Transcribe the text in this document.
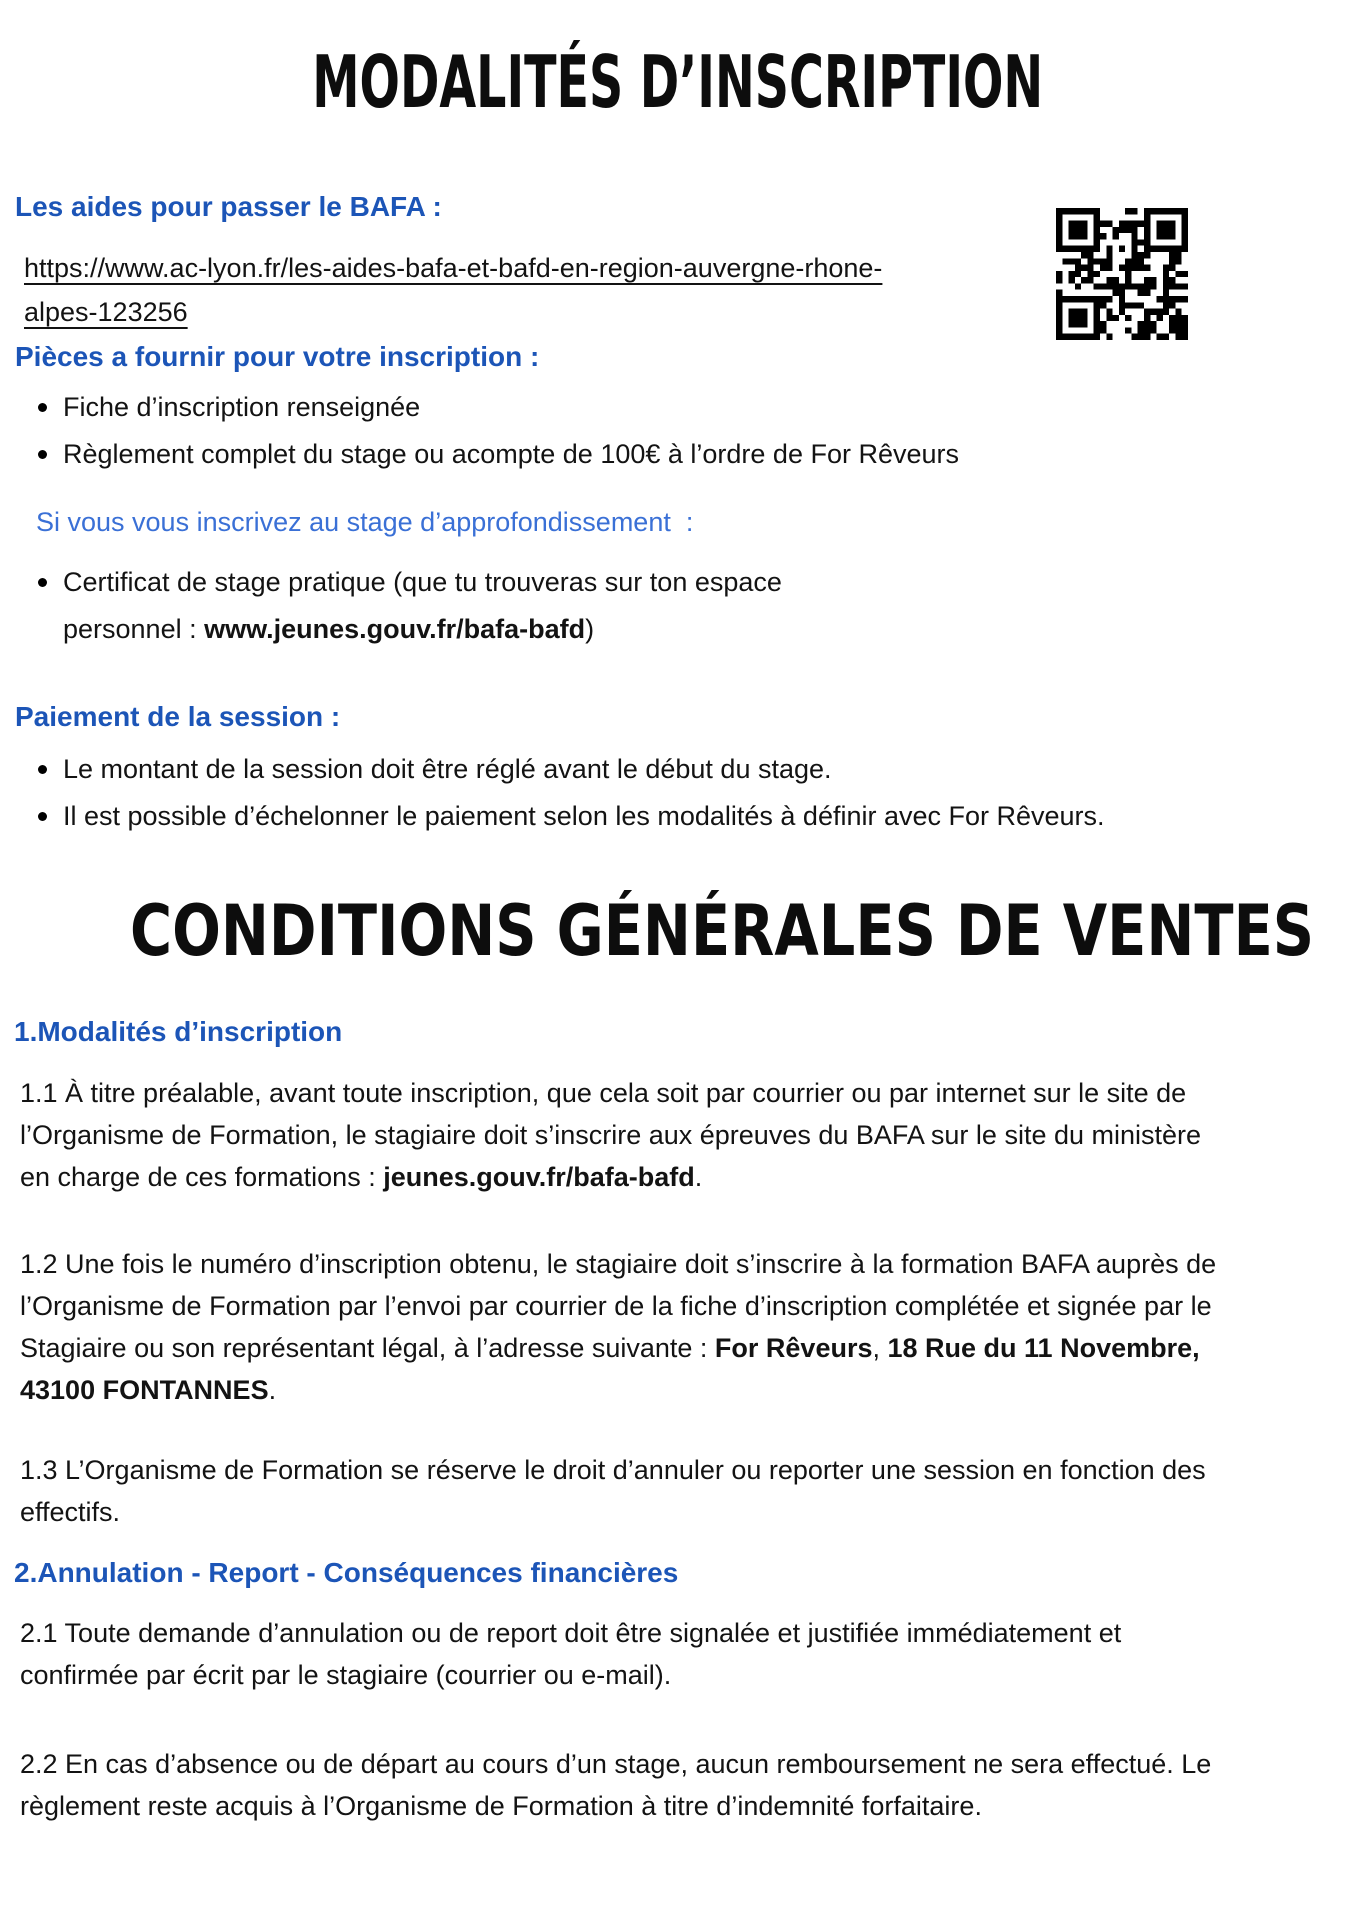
MODALITÉS D’INSCRIPTION
Les aides pour passer le BAFA :
https://www.ac-lyon.fr/les-aides-bafa-et-bafd-en-region-auvergne-rhone-
alpes-123256
Pièces a fournir pour votre inscription :
Fiche d’inscription renseignée
Règlement complet du stage ou acompte de 100€ à l’ordre de For Rêveurs
Si vous vous inscrivez au stage d’approfondissement  :
Certificat de stage pratique (que tu trouveras sur ton espace
personnel : www.jeunes.gouv.fr/bafa-bafd)
Paiement de la session :
Le montant de la session doit être réglé avant le début du stage.
Il est possible d’échelonner le paiement selon les modalités à définir avec For Rêveurs.
CONDITIONS GÉNÉRALES DE VENTES
1.Modalités d’inscription
1.1 À titre préalable, avant toute inscription, que cela soit par courrier ou par internet sur le site de
l’Organisme de Formation, le stagiaire doit s’inscrire aux épreuves du BAFA sur le site du ministère
en charge de ces formations : jeunes.gouv.fr/bafa-bafd.
1.2 Une fois le numéro d’inscription obtenu, le stagiaire doit s’inscrire à la formation BAFA auprès de
l’Organisme de Formation par l’envoi par courrier de la fiche d’inscription complétée et signée par le
Stagiaire ou son représentant légal, à l’adresse suivante : For Rêveurs, 18 Rue du 11 Novembre,
43100 FONTANNES.
1.3 L’Organisme de Formation se réserve le droit d’annuler ou reporter une session en fonction des
effectifs.
2.Annulation - Report - Conséquences financières
2.1 Toute demande d’annulation ou de report doit être signalée et justifiée immédiatement et
confirmée par écrit par le stagiaire (courrier ou e-mail).
2.2 En cas d’absence ou de départ au cours d’un stage, aucun remboursement ne sera effectué. Le
règlement reste acquis à l’Organisme de Formation à titre d’indemnité forfaitaire.
